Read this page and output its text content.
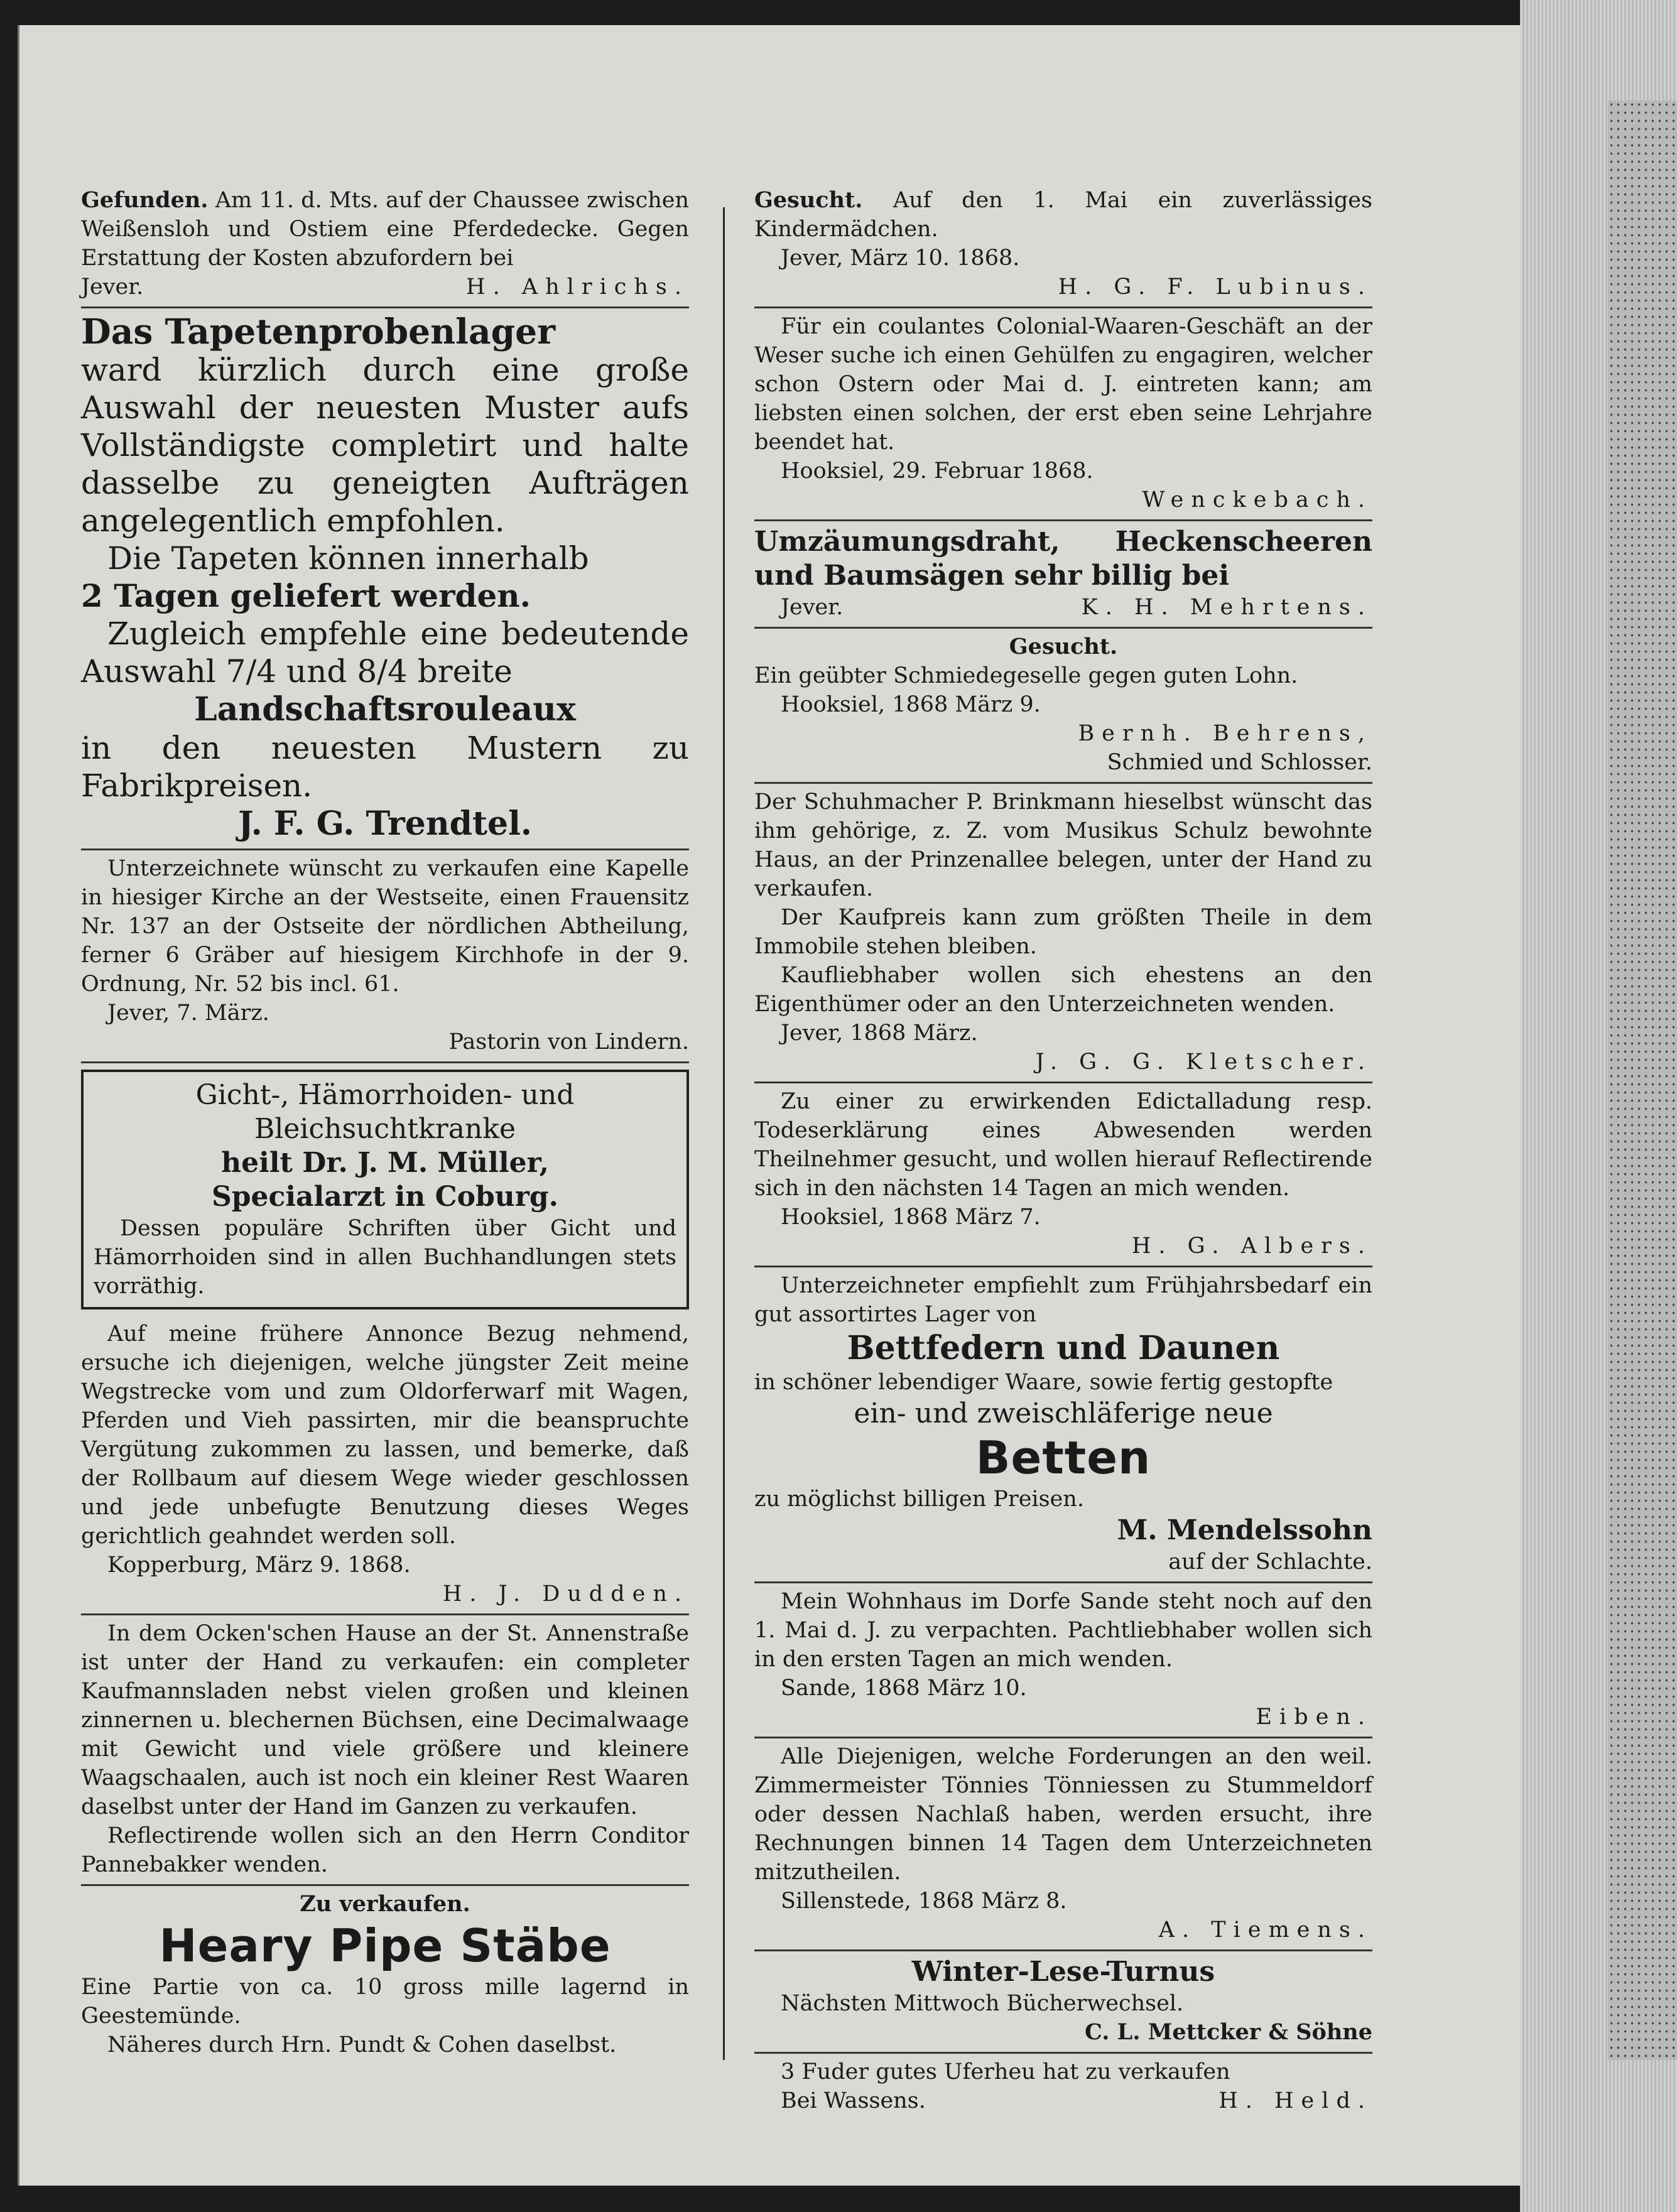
Gefunden. Am 11. d. Mts. auf der Chaussee zwischen Weißensloh und Ostiem eine Pferdedecke. Gegen Erstattung der Kosten abzufordern bei

Jever.	H. Ahlrichs.

Das Tapetenprobenlager

ward kürzlich durch eine große Auswahl der neuesten Muster aufs Vollständigste completirt und halte dasselbe zu geneigten Aufträgen angelegentlich empfohlen.

Die Tapeten können innerhalb

2 Tagen geliefert werden.

Zugleich empfehle eine bedeutende Auswahl 7/4 und 8/4 breite

Landschaftsrouleaux

in den neuesten Mustern zu Fabrikpreisen.

J. F. G. Trendtel.

Unterzeichnete wünscht zu verkaufen eine Kapelle in hiesiger Kirche an der Westseite, einen Frauensitz Nr. 137 an der Ostseite der nördlichen Abtheilung, ferner 6 Gräber auf hiesigem Kirchhofe in der 9. Ordnung, Nr. 52 bis incl. 61.

Jever, 7. März.

Pastorin von Lindern.

Gicht-, Hämorrhoiden- und

Bleichsuchtkranke

heilt Dr. J. M. Müller,

Specialarzt in Coburg.

Dessen populäre Schriften über Gicht und Hämorrhoiden sind in allen Buchhandlungen stets vorräthig.

Auf meine frühere Annonce Bezug nehmend, ersuche ich diejenigen, welche jüngster Zeit meine Wegstrecke vom und zum Oldorferwarf mit Wagen, Pferden und Vieh passirten, mir die beanspruchte Vergütung zukommen zu lassen, und bemerke, daß der Rollbaum auf diesem Wege wieder geschlossen und jede unbefugte Benutzung dieses Weges gerichtlich geahndet werden soll.

Kopperburg, März 9. 1868.

H. J. Dudden.

In dem Ocken'schen Hause an der St. Annenstraße ist unter der Hand zu verkaufen: ein completer Kaufmannsladen nebst vielen großen und kleinen zinnernen u. blechernen Büchsen, eine Decimalwaage mit Gewicht und viele größere und kleinere Waagschaalen, auch ist noch ein kleiner Rest Waaren daselbst unter der Hand im Ganzen zu verkaufen.

Reflectirende wollen sich an den Herrn Conditor Pannebakker wenden.

Zu verkaufen.

Heary Pipe Stäbe

Eine Partie von ca. 10 gross mille lagernd in Geestemünde.

Näheres durch Hrn. Pundt & Cohen daselbst.

Gesucht. Auf den 1. Mai ein zuverlässiges Kindermädchen.

Jever, März 10. 1868.

H. G. F. Lubinus.

Für ein coulantes Colonial-Waaren-Geschäft an der Weser suche ich einen Gehülfen zu engagiren, welcher schon Ostern oder Mai d. J. eintreten kann; am liebsten einen solchen, der erst eben seine Lehrjahre beendet hat.

Hooksiel, 29. Februar 1868.

Wenckebach.

Umzäumungsdraht, Heckenscheeren und Baumsägen sehr billig bei

Jever.	K. H. Mehrtens.

Gesucht.

Ein geübter Schmiedegeselle gegen guten Lohn.

Hooksiel, 1868 März 9.

Bernh. Behrens,

Schmied und Schlosser.

Der Schuhmacher P. Brinkmann hieselbst wünscht das ihm gehörige, z. Z. vom Musikus Schulz bewohnte Haus, an der Prinzenallee belegen, unter der Hand zu verkaufen.

Der Kaufpreis kann zum größten Theile in dem Immobile stehen bleiben.

Kaufliebhaber wollen sich ehestens an den Eigenthümer oder an den Unterzeichneten wenden.

Jever, 1868 März.

J. G. G. Kletscher.

Zu einer zu erwirkenden Edictalladung resp. Todeserklärung eines Abwesenden werden Theilnehmer gesucht, und wollen hierauf Reflectirende sich in den nächsten 14 Tagen an mich wenden.

Hooksiel, 1868 März 7.

H. G. Albers.

Unterzeichneter empfiehlt zum Frühjahrsbedarf ein gut assortirtes Lager von

Bettfedern und Daunen

in schöner lebendiger Waare, sowie fertig gestopfte

ein- und zweischläferige neue

Betten

zu möglichst billigen Preisen.

M. Mendelssohn

auf der Schlachte.

Mein Wohnhaus im Dorfe Sande steht noch auf den 1. Mai d. J. zu verpachten. Pachtliebhaber wollen sich in den ersten Tagen an mich wenden.

Sande, 1868 März 10.

Eiben.

Alle Diejenigen, welche Forderungen an den weil. Zimmermeister Tönnies Tönniessen zu Stummeldorf oder dessen Nachlaß haben, werden ersucht, ihre Rechnungen binnen 14 Tagen dem Unterzeichneten mitzutheilen.

Sillenstede, 1868 März 8.

A. Tiemens.

Winter-Lese-Turnus

Nächsten Mittwoch Bücherwechsel.

C. L. Mettcker & Söhne

3 Fuder gutes Uferheu hat zu verkaufen

Bei Wassens.	H. Held.
